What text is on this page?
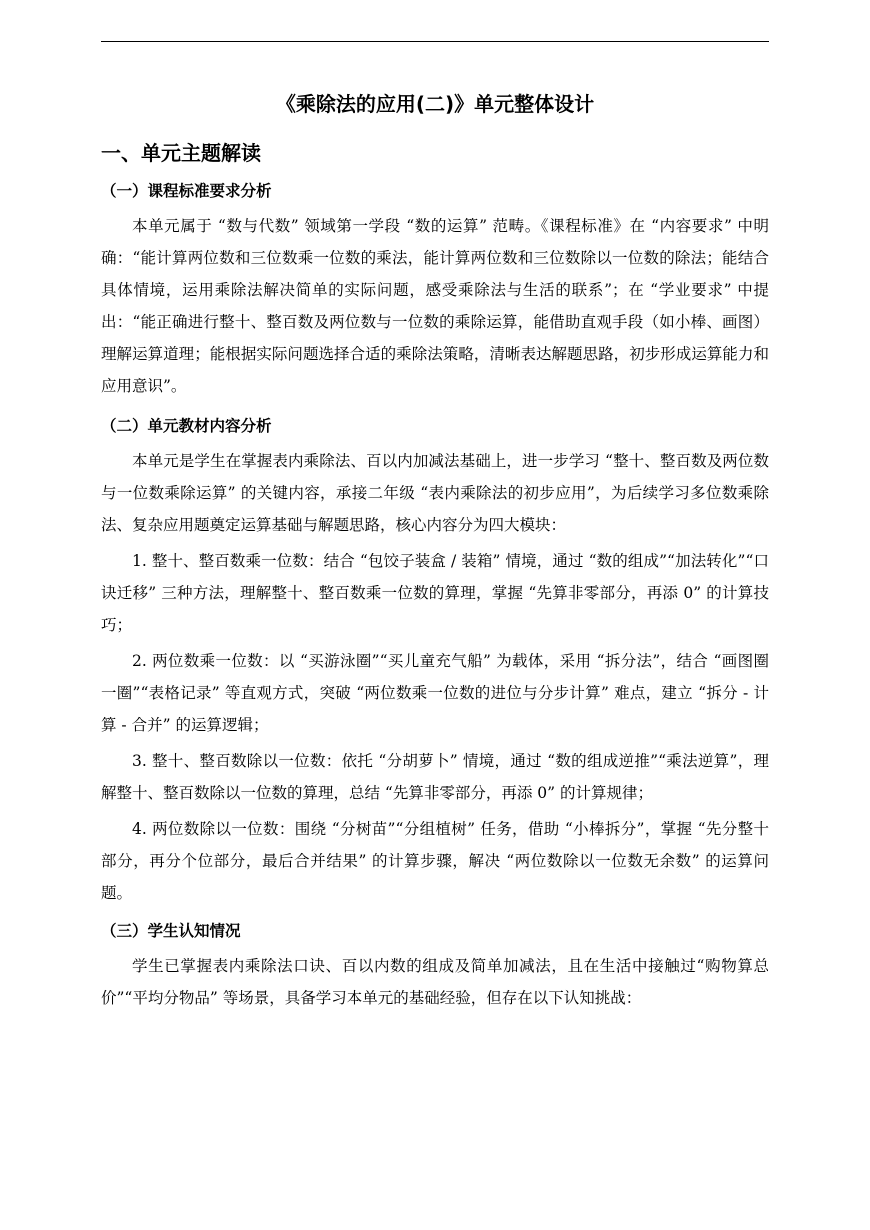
《乘除法的应用(二)》单元整体设计
一、单元主题解读
（一）课程标准要求分析

本单元属于 “数与代数” 领域第一学段 “数的运算” 范畴。《课程标准》在 “内容要求” 中明确：“能计算两位数和三位数乘一位数的乘法，能计算两位数和三位数除以一位数的除法；能结合具体情境，运用乘除法解决简单的实际问题，感受乘除法与生活的联系”；在 “学业要求” 中提出：“能正确进行整十、整百数及两位数与一位数的乘除运算，能借助直观手段（如小棒、画图）理解运算道理；能根据实际问题选择合适的乘除法策略，清晰表达解题思路，初步形成运算能力和应用意识”。

（二）单元教材内容分析

本单元是学生在掌握表内乘除法、百以内加减法基础上，进一步学习 “整十、整百数及两位数与一位数乘除运算” 的关键内容，承接二年级 “表内乘除法的初步应用”，为后续学习多位数乘除法、复杂应用题奠定运算基础与解题思路，核心内容分为四大模块：

1. 整十、整百数乘一位数：结合 “包饺子装盒 / 装箱” 情境，通过 “数的组成”“加法转化”“口诀迁移” 三种方法，理解整十、整百数乘一位数的算理，掌握 “先算非零部分，再添 0” 的计算技巧；

2. 两位数乘一位数：以 “买游泳圈”“买儿童充气船” 为载体，采用 “拆分法”，结合 “画图圈一圈”“表格记录” 等直观方式，突破 “两位数乘一位数的进位与分步计算” 难点，建立 “拆分 - 计算 - 合并” 的运算逻辑；

3. 整十、整百数除以一位数：依托 “分胡萝卜” 情境，通过 “数的组成逆推”“乘法逆算”，理解整十、整百数除以一位数的算理，总结 “先算非零部分，再添 0” 的计算规律；

4. 两位数除以一位数：围绕 “分树苗”“分组植树” 任务，借助 “小棒拆分”，掌握 “先分整十部分，再分个位部分，最后合并结果” 的计算步骤，解决 “两位数除以一位数无余数” 的运算问题。

（三）学生认知情况

学生已掌握表内乘除法口诀、百以内数的组成及简单加减法，且在生活中接触过“购物算总价”“平均分物品” 等场景，具备学习本单元的基础经验，但存在以下认知挑战：
